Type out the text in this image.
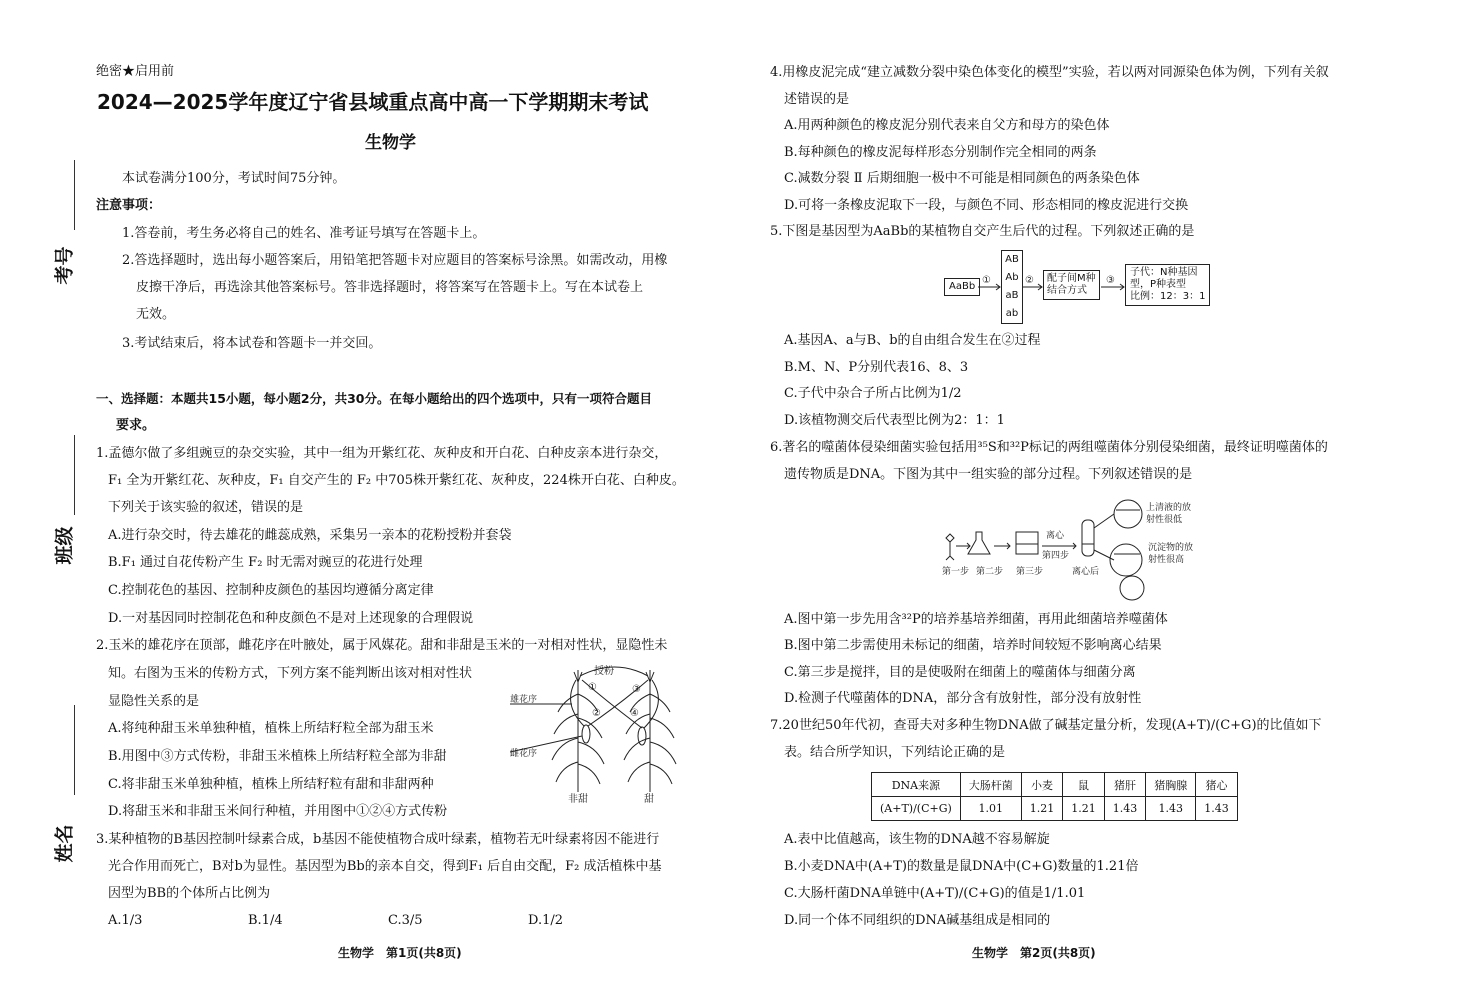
考号
班级
姓名
绝密★启用前
2024—2025学年度辽宁省县域重点高中高一下学期期末考试
生物学
本试卷满分100分，考试时间75分钟。
注意事项：
1.答卷前，考生务必将自己的姓名、准考证号填写在答题卡上。
2.答选择题时，选出每小题答案后，用铅笔把答题卡对应题目的答案标号涂黑。如需改动，用橡
皮擦干净后，再选涂其他答案标号。答非选择题时，将答案写在答题卡上。写在本试卷上
无效。
3.考试结束后，将本试卷和答题卡一并交回。
一、选择题：本题共15小题，每小题2分，共30分。在每小题给出的四个选项中，只有一项符合题目
要求。
1.孟德尔做了多组豌豆的杂交实验，其中一组为开紫红花、灰种皮和开白花、白种皮亲本进行杂交，
F₁ 全为开紫红花、灰种皮，F₁ 自交产生的 F₂ 中705株开紫红花、灰种皮，224株开白花、白种皮。
下列关于该实验的叙述，错误的是
A.进行杂交时，待去雄花的雌蕊成熟，采集另一亲本的花粉授粉并套袋
B.F₁ 通过自花传粉产生 F₂ 时无需对豌豆的花进行处理
C.控制花色的基因、控制种皮颜色的基因均遵循分离定律
D.一对基因同时控制花色和种皮颜色不是对上述现象的合理假说
2.玉米的雄花序在顶部，雌花序在叶腋处，属于风媒花。甜和非甜是玉米的一对相对性状，显隐性未
知。右图为玉米的传粉方式，下列方案不能判断出该对相对性状
显隐性关系的是
A.将纯种甜玉米单独种植，植株上所结籽粒全部为甜玉米
B.用图中③方式传粉，非甜玉米植株上所结籽粒全部为非甜
C.将非甜玉米单独种植，植株上所结籽粒有甜和非甜两种
D.将甜玉米和非甜玉米间行种植，并用图中①②④方式传粉
授粉
雄花序
雌花序
①
②
③
④
非甜	甜
3.某种植物的B基因控制叶绿素合成，b基因不能使植物合成叶绿素，植物若无叶绿素将因不能进行
光合作用而死亡，B对b为显性。基因型为Bb的亲本自交，得到F₁ 后自由交配，F₂ 成活植株中基
因型为BB的个体所占比例为
A.1/3	B.1/4	C.3/5	D.1/2
生物学　第1页(共8页)
4.用橡皮泥完成“建立减数分裂中染色体变化的模型”实验，若以两对同源染色体为例，下列有关叙
述错误的是
A.用两种颜色的橡皮泥分别代表来自父方和母方的染色体
B.每种颜色的橡皮泥每样形态分别制作完全相同的两条
C.减数分裂 Ⅱ 后期细胞一极中不可能是相同颜色的两条染色体
D.可将一条橡皮泥取下一段，与颜色不同、形态相同的橡皮泥进行交换
5.下图是基因型为AaBb的某植物自交产生后代的过程。下列叙述正确的是
AaBb
①	②	③
AB
Ab
aB
ab
配子间M种
结合方式
子代：N种基因
型，P种表型
比例：12：3：1
A.基因A、a与B、b的自由组合发生在②过程
B.M、N、P分别代表16、8、3
C.子代中杂合子所占比例为1/2
D.该植物测交后代表型比例为2：1：1
6.著名的噬菌体侵染细菌实验包括用³⁵S和³²P标记的两组噬菌体分别侵染细菌，最终证明噬菌体的
遗传物质是DNA。下图为其中一组实验的部分过程。下列叙述错误的是
第一步 第二步 第三步
离心
第四步
离心后
上清液的放
射性很低
沉淀物的放
射性很高
A.图中第一步先用含³²P的培养基培养细菌，再用此细菌培养噬菌体
B.图中第二步需使用未标记的细菌，培养时间较短不影响离心结果
C.第三步是搅拌，目的是使吸附在细菌上的噬菌体与细菌分离
D.检测子代噬菌体的DNA，部分含有放射性，部分没有放射性
7.20世纪50年代初，查哥夫对多种生物DNA做了碱基定量分析，发现(A+T)/(C+G)的比值如下
表。结合所学知识，下列结论正确的是
DNA来源	大肠杆菌	小麦	鼠	猪肝	猪胸腺	猪心
(A+T)/(C+G)	1.01	1.21	1.21	1.43	1.43	1.43
A.表中比值越高，该生物的DNA越不容易解旋
B.小麦DNA中(A+T)的数量是鼠DNA中(C+G)数量的1.21倍
C.大肠杆菌DNA单链中(A+T)/(C+G)的值是1/1.01
D.同一个体不同组织的DNA碱基组成是相同的
生物学　第2页(共8页)
